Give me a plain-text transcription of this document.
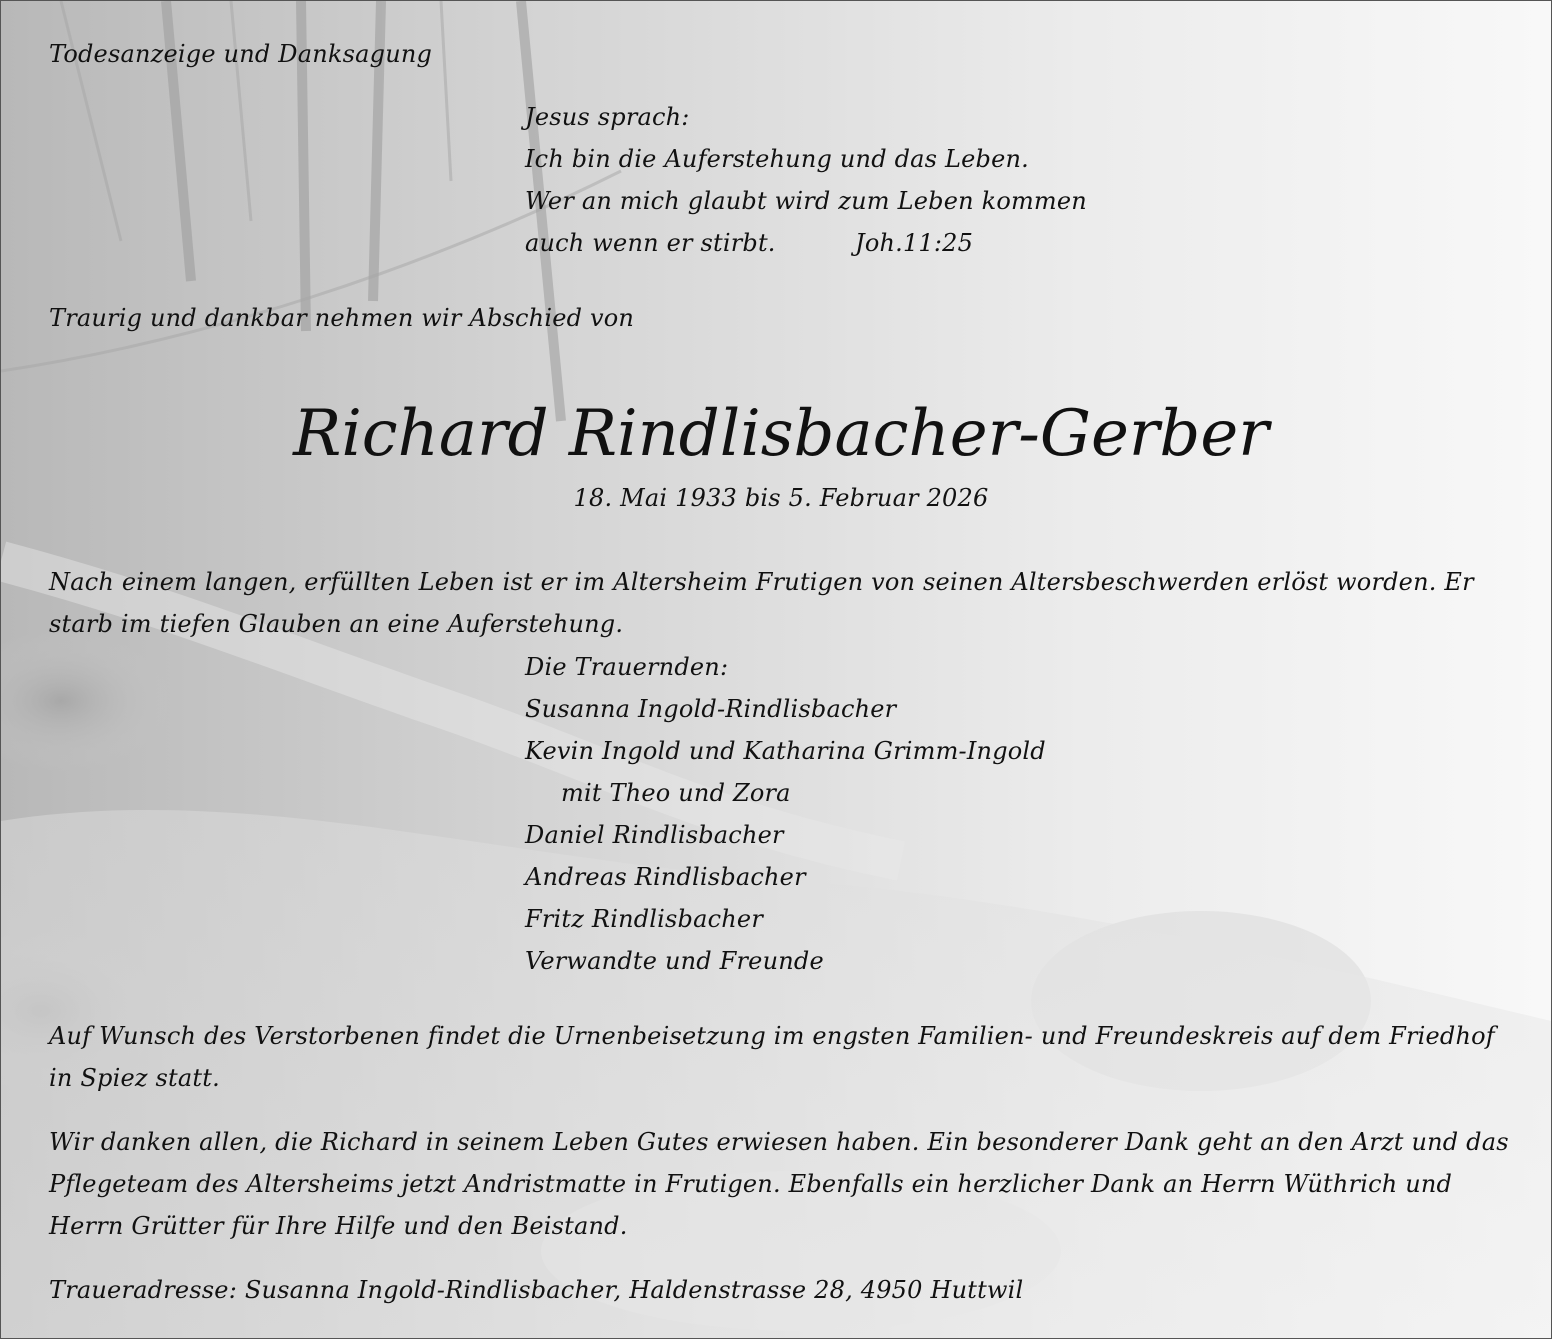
Todesanzeige und Danksagung
Jesus sprach:
Ich bin die Auferstehung und das Leben.
Wer an mich glaubt wird zum Leben kommen
auch wenn er stirbt.	Joh.11:25
Traurig und dankbar nehmen wir Abschied von
Richard Rindlisbacher-Gerber
18. Mai 1933 bis 5. Februar 2026
Nach einem langen, erfüllten Leben ist er im Altersheim Frutigen von seinen Altersbeschwerden erlöst worden. Er starb im tiefen Glauben an eine Auferstehung.
Die Trauernden:
Susanna Ingold-Rindlisbacher
Kevin Ingold und Katharina Grimm-Ingold
mit Theo und Zora
Daniel Rindlisbacher
Andreas Rindlisbacher
Fritz Rindlisbacher
Verwandte und Freunde
Auf Wunsch des Verstorbenen findet die Urnenbeisetzung im engsten Familien- und Freundeskreis auf dem Friedhof in Spiez statt.
Wir danken allen, die Richard in seinem Leben Gutes erwiesen haben. Ein besonderer Dank geht an den Arzt und das Pflegeteam des Altersheims jetzt Andristmatte in Frutigen. Ebenfalls ein herzlicher Dank an Herrn Wüthrich und Herrn Grütter für Ihre Hilfe und den Beistand.
Traueradresse: Susanna Ingold-Rindlisbacher, Haldenstrasse 28, 4950 Huttwil
